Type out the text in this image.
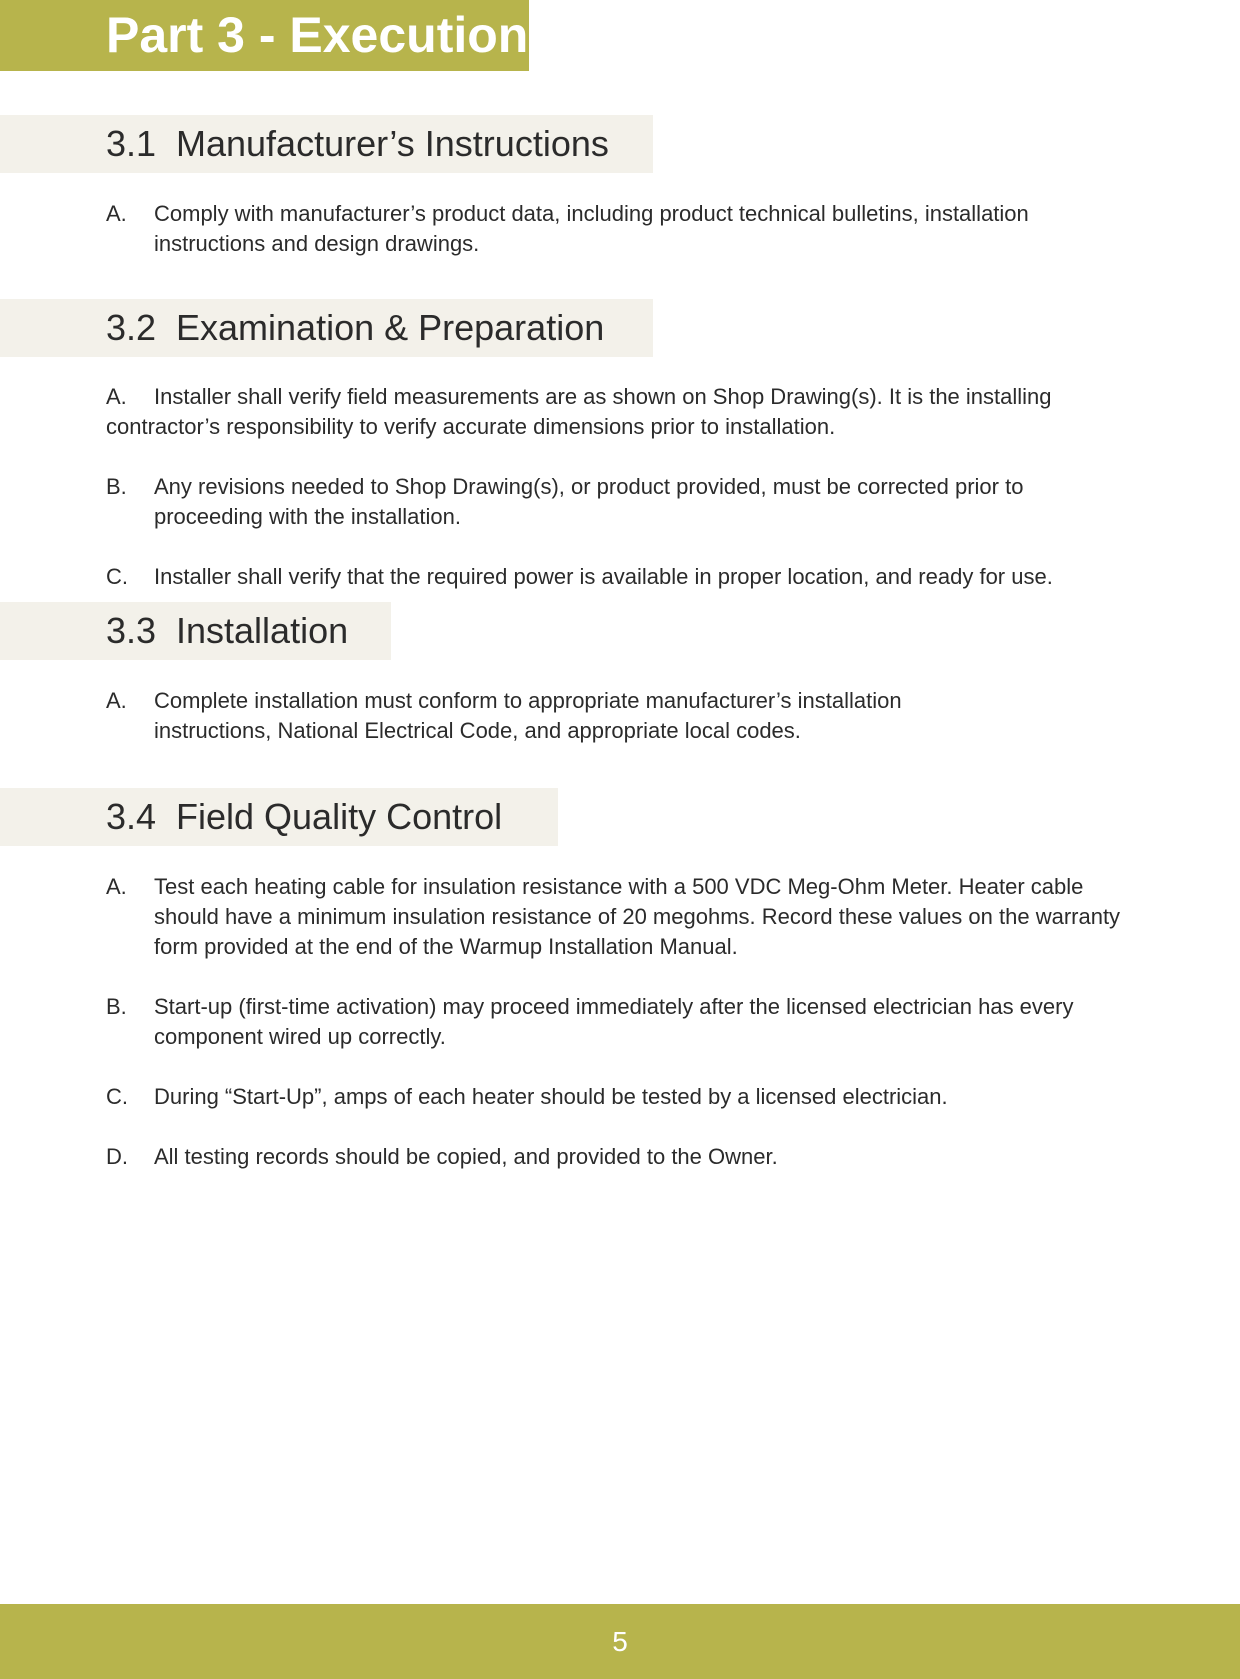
Part 3 - Execution
3.1 Manufacturer’s Instructions
A.	Comply with manufacturer’s product data, including product technical bulletins, installation instructions and design drawings.
3.2 Examination & Preparation
A. Installer shall verify field measurements are as shown on Shop Drawing(s). It is the installing contractor’s responsibility to verify accurate dimensions prior to installation.
B.	Any revisions needed to Shop Drawing(s), or product provided, must be corrected prior to proceeding with the installation.
C.	Installer shall verify that the required power is available in proper location, and ready for use.
3.3 Installation
A.	Complete installation must conform to appropriate manufacturer’s installation instructions, National Electrical Code, and appropriate local codes.
3.4 Field Quality Control
A.	Test each heating cable for insulation resistance with a 500 VDC Meg-Ohm Meter. Heater cable should have a minimum insulation resistance of 20 megohms. Record these values on the warranty form provided at the end of the Warmup Installation Manual.
B.	Start-up (first-time activation) may proceed immediately after the licensed electrician has every component wired up correctly.
C.	During “Start-Up”, amps of each heater should be tested by a licensed electrician.
D.	All testing records should be copied, and provided to the Owner.
5
